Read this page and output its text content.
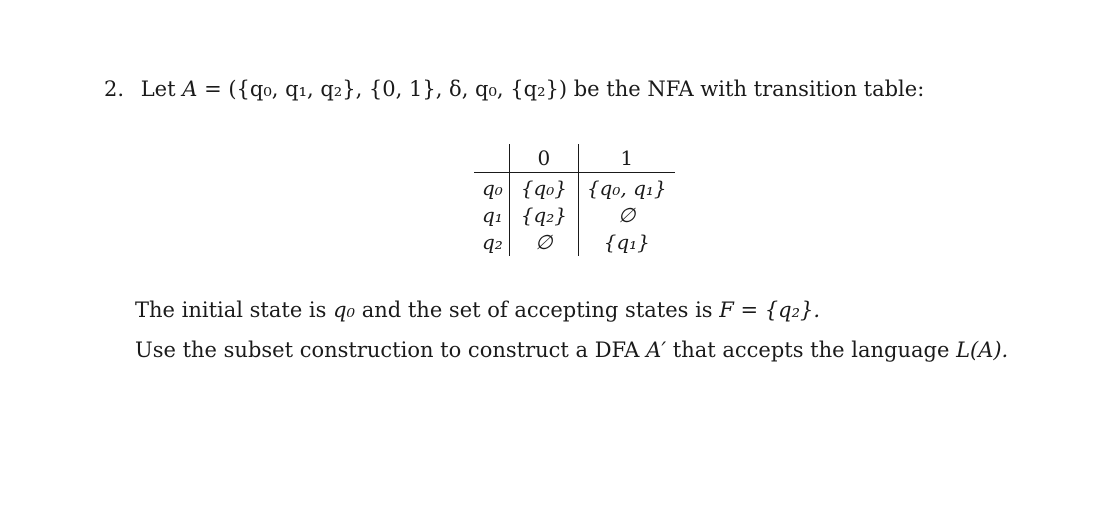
2. Let A = ({q₀, q₁, q₂}, {0, 1}, δ, q₀, {q₂}) be the NFA with transition table:
	0	1
q₀	{q₀}	{q₀, q₁}
q₁	{q₂}	∅
q₂	∅	{q₁}
The initial state is q₀ and the set of accepting states is F = {q₂}.
Use the subset construction to construct a DFA A′ that accepts the language L(A).
